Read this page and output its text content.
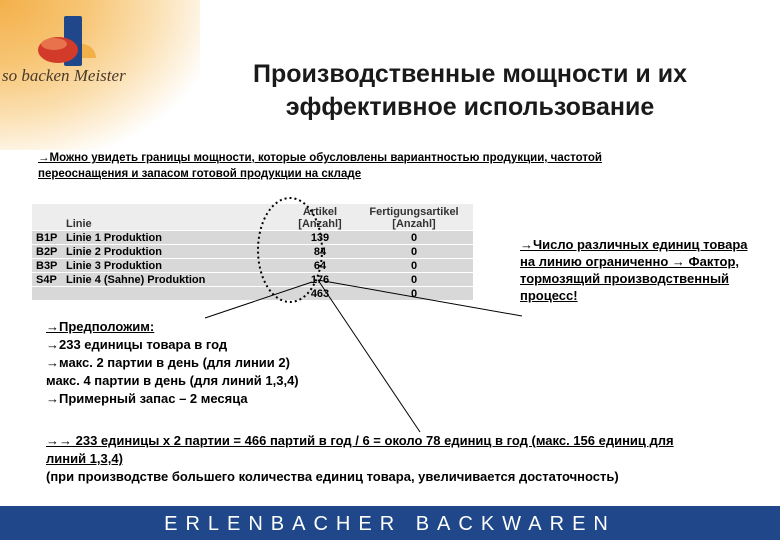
so backen Meister	Производственные мощности и их
эффективное использование
→Можно увидеть границы мощности, которые обусловлены вариантностью продукции, частотой переоснащения и запасом готовой продукции на складе
Linie		Artikel [Anzahl]	Fertigungsartikel [Anzahl]
B1P	Linie 1 Produktion	139	0
B2P	Linie 2 Produktion	84	0
B3P	Linie 3 Produktion	64	0
S4P	Linie 4 (Sahne) Produktion	176	0
		463	0
→Предположим:
→233 единицы товара в год
→макс. 2 партии в день (для линии 2)
макс. 4 партии в день (для линий 1,3,4)
→Примерный запас – 2 месяца
→Число различных единиц товара на линию ограниченно → Фактор, тормозящий производственный процесс!
→→ 233 единицы x 2 партии = 466 партий в год / 6 = около 78 единиц в год (макс. 156 единиц для линий 1,3,4)
(при производстве большего количества единиц товара, увеличивается достаточность)
ERLENBACHER BACKWAREN
